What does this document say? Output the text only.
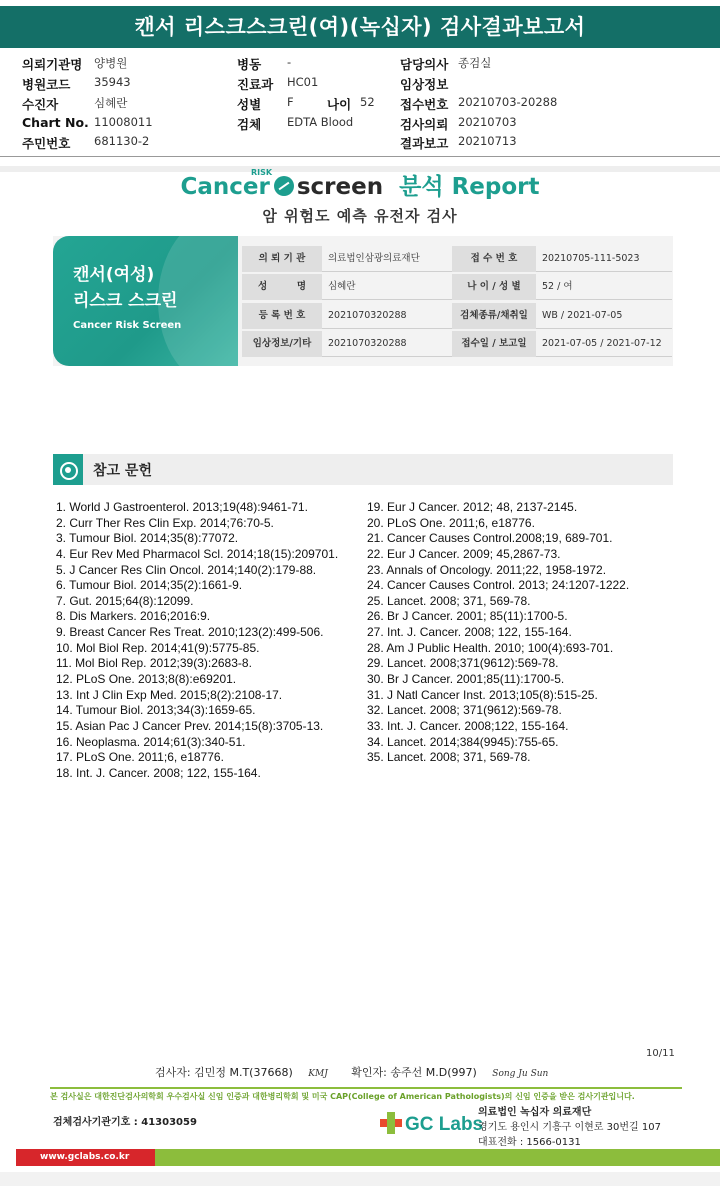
캔서 리스크스크린(여)(녹십자) 검사결과보고서
의뢰기관명 양병원	병동 -	담당의사 종검실
병원코드 35943	진료과 HC01	임상정보
수진자	심혜란	성별 F	나이 52 접수번호 20210703-20288
Chart No. 11008011	검체 EDTA Blood	검사의뢰 20210703
주민번호 681130-2	결과보고 20210713
RISK
Cancer screen 분석 Report
암 위험도 예측 유전자 검사
캔서(여성)
리스크 스크린
Cancer Risk Screen
의 뢰 기 관	의료법인삼광의료재단	접 수 번 호	20210705-111-5023
성         명	심혜란	나 이 / 성 별	52 / 여
등 록 번 호	2021070320288	검체종류/채취일	WB / 2021-07-05
임상정보/기타	2021070320288	접수일 / 보고일	2021-07-05 / 2021-07-12
참고 문헌
1. World J Gastroenterol. 2013;19(48):9461-71.
2. Curr Ther Res Clin Exp. 2014;76:70-5.
3. Tumour Biol. 2014;35(8):77072.
4. Eur Rev Med Pharmacol Scl. 2014;18(15):209701.
5. J Cancer Res Clin Oncol. 2014;140(2):179-88.
6. Tumour Biol. 2014;35(2):1661-9.
7. Gut. 2015;64(8):12099.
8. Dis Markers. 2016;2016:9.
9. Breast Cancer Res Treat. 2010;123(2):499-506.
10. Mol Biol Rep. 2014;41(9):5775-85.
11. Mol Biol Rep. 2012;39(3):2683-8.
12. PLoS One. 2013;8(8):e69201.
13. Int J Clin Exp Med. 2015;8(2):2108-17.
14. Tumour Biol. 2013;34(3):1659-65.
15. Asian Pac J Cancer Prev. 2014;15(8):3705-13.
16. Neoplasma. 2014;61(3):340-51.
17. PLoS One. 2011;6, e18776.
18. Int. J. Cancer. 2008; 122, 155-164.
19. Eur J Cancer. 2012; 48, 2137-2145.
20. PLoS One. 2011;6, e18776.
21. Cancer Causes Control.2008;19, 689-701.
22. Eur J Cancer. 2009; 45,2867-73.
23. Annals of Oncology. 2011;22, 1958-1972.
24. Cancer Causes Control. 2013; 24:1207-1222.
25. Lancet. 2008; 371, 569-78.
26. Br J Cancer. 2001; 85(11):1700-5.
27. Int. J. Cancer. 2008; 122, 155-164.
28. Am J Public Health. 2010; 100(4):693-701.
29. Lancet. 2008;371(9612):569-78.
30. Br J Cancer. 2001;85(11):1700-5.
31. J Natl Cancer Inst. 2013;105(8):515-25.
32. Lancet. 2008; 371(9612):569-78.
33. Int. J. Cancer. 2008;122, 155-164.
34. Lancet. 2014;384(9945):755-65.
35. Lancet. 2008; 371, 569-78.
10/11
검사자: 김민정 M.T(37668) KMJ 확인자: 송주선 M.D(997) Song Ju Sun
본 검사실은 대한진단검사의학회 우수검사실 신임 인증과 대한병리학회 및 미국 CAP(College of American Pathologists)의 신임 인증을 받은 검사기관입니다.
검체검사기관기호 : 41303059	GC Labs
의료법인 녹십자 의료재단
경기도 용인시 기흥구 이현로 30번길 107
대표전화 : 1566-0131
www.gclabs.co.kr
